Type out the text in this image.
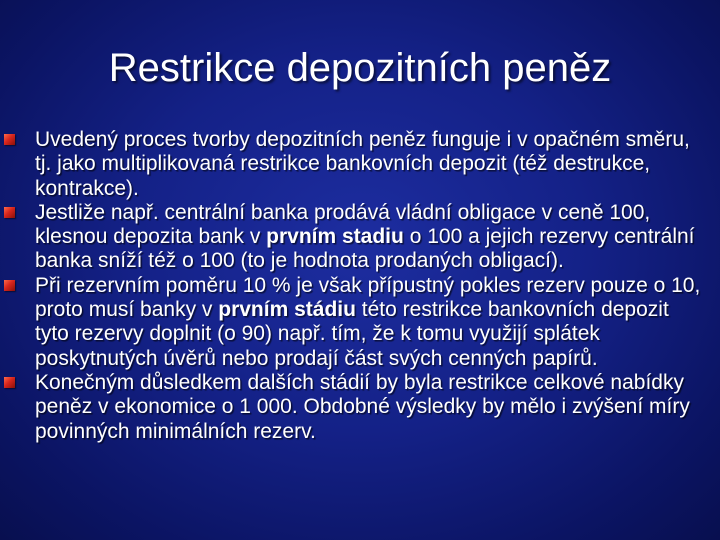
Restrikce depozitních peněz
Uvedený proces tvorby depozitních peněz funguje i v opačném směru, tj. jako multiplikovaná restrikce bankovních depozit (též destrukce, kontrakce).
Jestliže např. centrální banka prodává vládní obligace v ceně 100, klesnou depozita bank v prvním stadiu o 100 a jejich rezervy centrální banka sníží též o 100 (to je hodnota prodaných obligací).
Při rezervním poměru 10 % je však přípustný pokles rezerv pouze o 10, proto musí banky v prvním stádiu této restrikce bankovních depozit tyto rezervy doplnit (o 90) např. tím, že k tomu využijí splátek poskytnutých úvěrů nebo prodají část svých cenných papírů.
Konečným důsledkem dalších stádií by byla restrikce celkové nabídky peněz v ekonomice o 1 000. Obdobné výsledky by mělo i zvýšení míry povinných minimálních rezerv.
